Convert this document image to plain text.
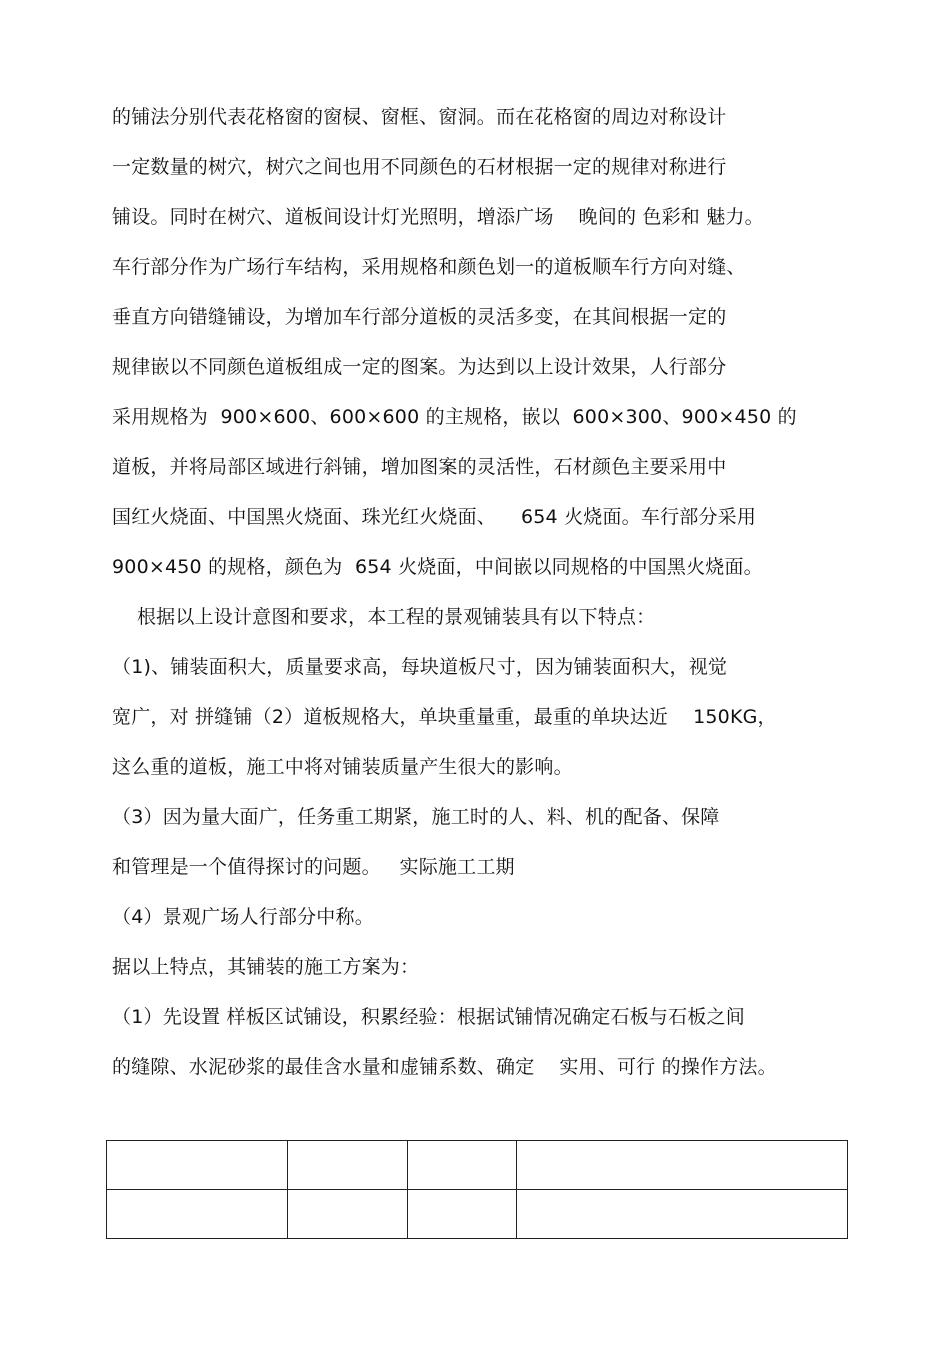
的铺法分别代表花格窗的窗棂、窗框、窗洞。而在花格窗的周边对称设计
一定数量的树穴，树穴之间也用不同颜色的石材根据一定的规律对称进行
铺设。同时在树穴、道板间设计灯光照明，增添广场    晚间的 色彩和 魅力。
车行部分作为广场行车结构，采用规格和颜色划一的道板顺车行方向对缝、
垂直方向错缝铺设，为增加车行部分道板的灵活多变，在其间根据一定的
规律嵌以不同颜色道板组成一定的图案。为达到以上设计效果，人行部分
采用规格为  900×600、600×600 的主规格，嵌以  600×300、900×450 的
道板，并将局部区域进行斜铺，增加图案的灵活性，石材颜色主要采用中
国红火烧面、中国黑火烧面、珠光红火烧面、    654 火烧面。车行部分采用
900×450 的规格，颜色为  654 火烧面，中间嵌以同规格的中国黑火烧面。
根据以上设计意图和要求，本工程的景观铺装具有以下特点：
（1)、铺装面积大，质量要求高，每块道板尺寸，因为铺装面积大，视觉
宽广，对 拼缝铺（2）道板规格大，单块重量重，最重的单块达近    150KG，
这么重的道板，施工中将对铺装质量产生很大的影响。
（3）因为量大面广，任务重工期紧，施工时的人、料、机的配备、保障
和管理是一个值得探讨的问题。   实际施工工期
（4）景观广场人行部分中称。
据以上特点，其铺装的施工方案为：
（1）先设置 样板区试铺设，积累经验：根据试铺情况确定石板与石板之间
的缝隙、水泥砂浆的最佳含水量和虚铺系数、确定    实用、可行 的操作方法。
